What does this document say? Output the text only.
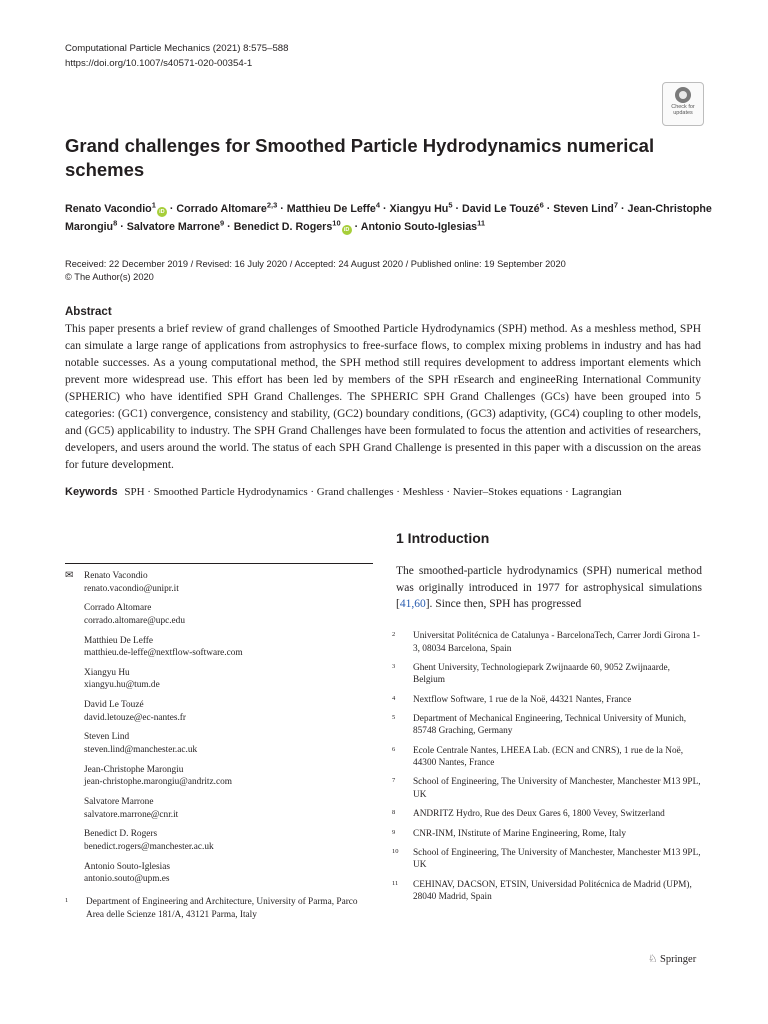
Computational Particle Mechanics (2021) 8:575–588
https://doi.org/10.1007/s40571-020-00354-1
Check for
updates
Grand challenges for Smoothed Particle Hydrodynamics numerical schemes
Renato Vacondio$^1$iD · Corrado Altomare$^{2,3}$ · Matthieu De Leffe$^4$ · Xiangyu $Hu^5$ · David Le Touzé$^6$ · Steven Lind$^7$ · Jean-Christophe Marongiu$^8$ · Salvatore Marrone$^9$ · Benedict D. Rogers$^{10}$iD · Antonio Souto-Iglesias$^{11}$
Received: 22 December 2019 / Revised: 16 July 2020 / Accepted: 24 August 2020 / Published online: 19 September 2020
© The Author(s) 2020
Abstract
This paper presents a brief review of grand challenges of Smoothed Particle Hydrodynamics (SPH) method. As a meshless method, SPH can simulate a large range of applications from astrophysics to free-surface flows, to complex mixing problems in industry and has had notable successes. As a young computational method, the SPH method still requires development to address important elements which prevent more widespread use. This effort has been led by members of the SPH rEsearch and engineeRing International Community (SPHERIC) who have identified SPH Grand Challenges. The SPHERIC SPH Grand Challenges (GCs) have been grouped into 5 categories: (GC1) convergence, consistency and stability, (GC2) boundary conditions, (GC3) adaptivity, (GC4) coupling to other models, and (GC5) applicability to industry. The SPH Grand Challenges have been formulated to focus the attention and activities of researchers, developers, and users around the world. The status of each SPH Grand Challenge is presented in this paper with a discussion on the areas for future development.
Keywords SPH · Smoothed Particle Hydrodynamics · Grand challenges · Meshless · Navier–Stokes equations · Lagrangian
1 Introduction
The smoothed-particle hydrodynamics (SPH) numerical method was originally introduced in 1977 for astrophysical simulations [41,60]. Since then, SPH has progressed
✉ Renato Vacondio
renato.vacondio@unipr.it
Corrado Altomare
corrado.altomare@upc.edu
Matthieu De Leffe
matthieu.de-leffe@nextflow-software.com
Xiangyu Hu
xiangyu.hu@tum.de
David Le Touzé
david.letouze@ec-nantes.fr
Steven Lind
steven.lind@manchester.ac.uk
Jean-Christophe Marongiu
jean-christophe.marongiu@andritz.com
Salvatore Marrone
salvatore.marrone@cnr.it
Benedict D. Rogers
benedict.rogers@manchester.ac.uk
Antonio Souto-Iglesias
antonio.souto@upm.es
1 Department of Engineering and Architecture, University of Parma, Parco Area delle Scienze 181/A, 43121 Parma, Italy
2 Universitat Politécnica de Catalunya - BarcelonaTech, Carrer Jordi Girona 1-3, 08034 Barcelona, Spain
3 Ghent University, Technologiepark Zwijnaarde 60, 9052 Zwijnaarde, Belgium
4 Nextflow Software, 1 rue de la Noë, 44321 Nantes, France
5 Department of Mechanical Engineering, Technical University of Munich, 85748 Graching, Germany
6 Ecole Centrale Nantes, LHEEA Lab. (ECN and CNRS), 1 rue de la Noë, 44300 Nantes, France
7 School of Engineering, The University of Manchester, Manchester M13 9PL, UK
8 ANDRITZ Hydro, Rue des Deux Gares 6, 1800 Vevey, Switzerland
9 CNR-INM, INstitute of Marine Engineering, Rome, Italy
10 School of Engineering, The University of Manchester, Manchester M13 9PL, UK
11 CEHINAV, DACSON, ETSIN, Universidad Politécnica de Madrid (UPM), 28040 Madrid, Spain
♘ Springer
